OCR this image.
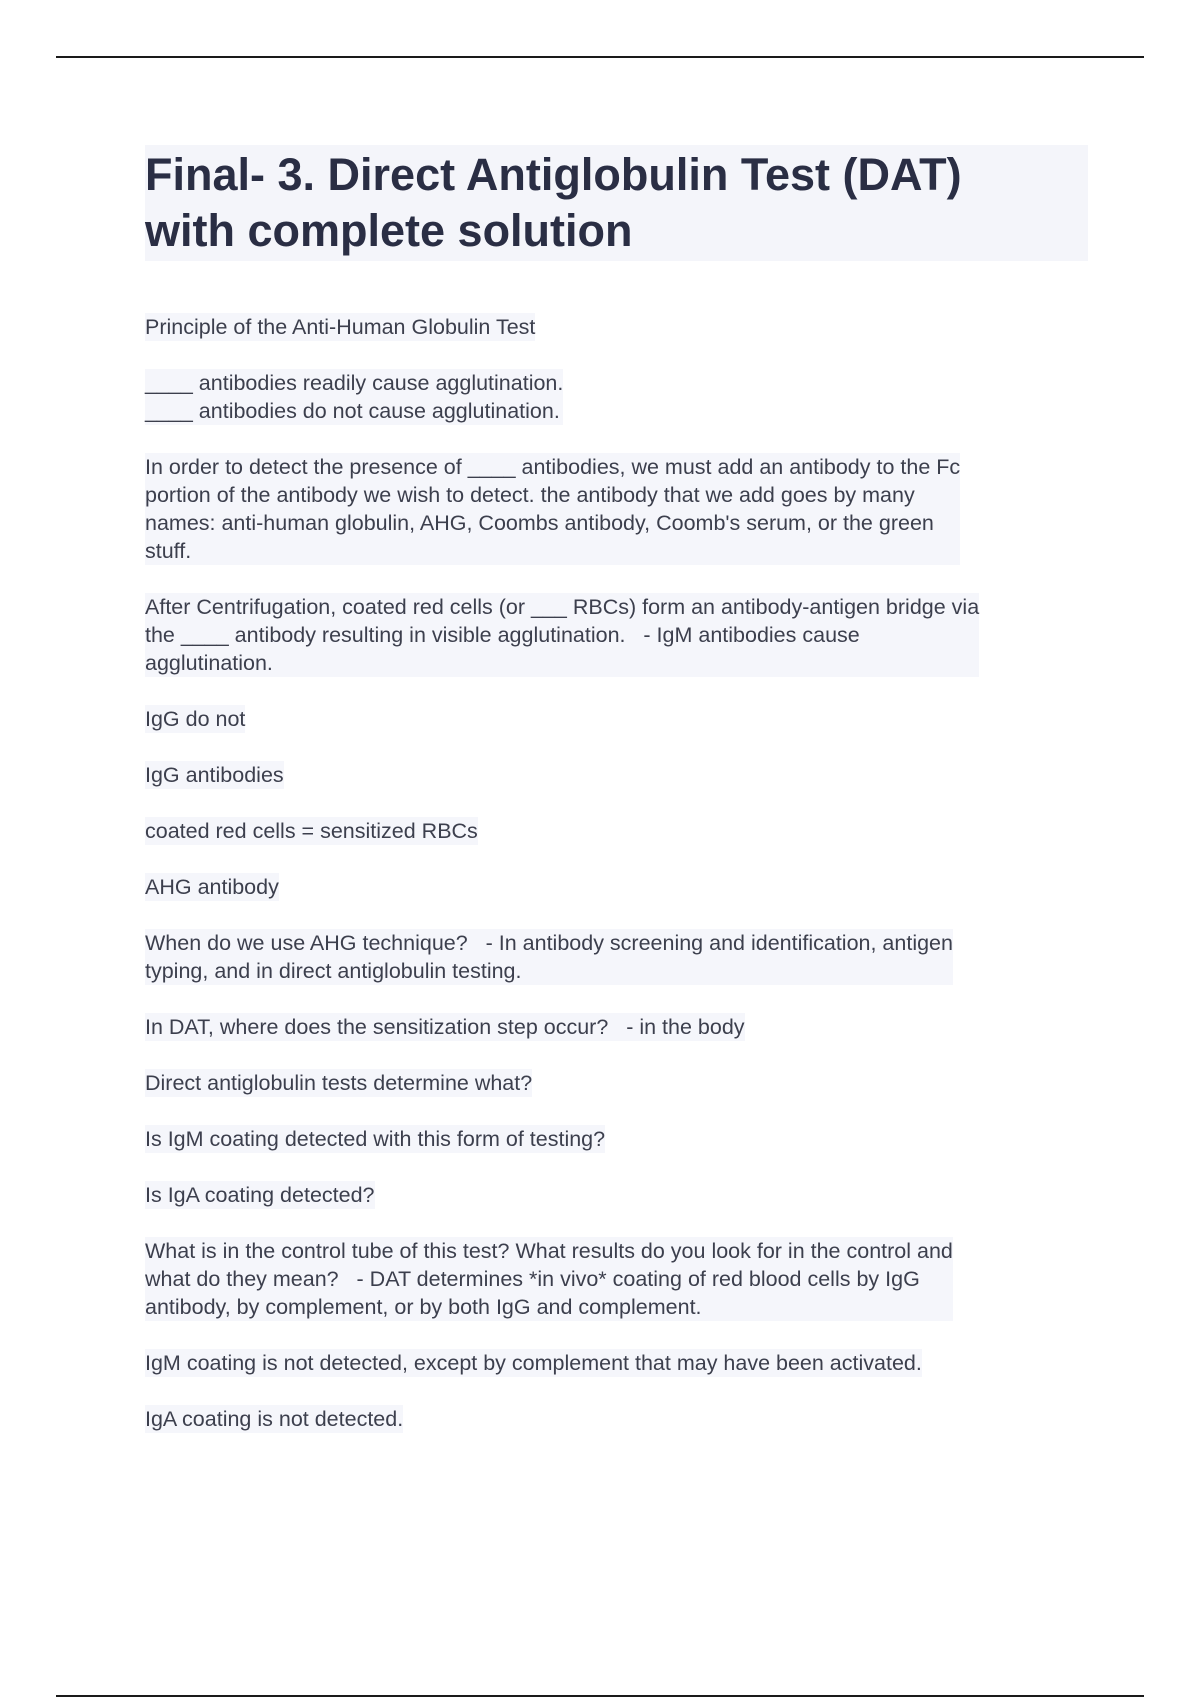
Final- 3. Direct Antiglobulin Test (DAT)
with complete solution

Principle of the Anti-Human Globulin Test

____ antibodies readily cause agglutination.
____ antibodies do not cause agglutination.

In order to detect the presence of ____ antibodies, we must add an antibody to the Fc
portion of the antibody we wish to detect. the antibody that we add goes by many
names: anti-human globulin, AHG, Coombs antibody, Coomb's serum, or the green
stuff.

After Centrifugation, coated red cells (or ___ RBCs) form an antibody-antigen bridge via
the ____ antibody resulting in visible agglutination.   - IgM antibodies cause
agglutination.

IgG do not

IgG antibodies

coated red cells = sensitized RBCs

AHG antibody

When do we use AHG technique?   - In antibody screening and identification, antigen
typing, and in direct antiglobulin testing.

In DAT, where does the sensitization step occur?   - in the body

Direct antiglobulin tests determine what?

Is IgM coating detected with this form of testing?

Is IgA coating detected?

What is in the control tube of this test? What results do you look for in the control and
what do they mean?   - DAT determines *in vivo* coating of red blood cells by IgG
antibody, by complement, or by both IgG and complement.

IgM coating is not detected, except by complement that may have been activated.

IgA coating is not detected.
